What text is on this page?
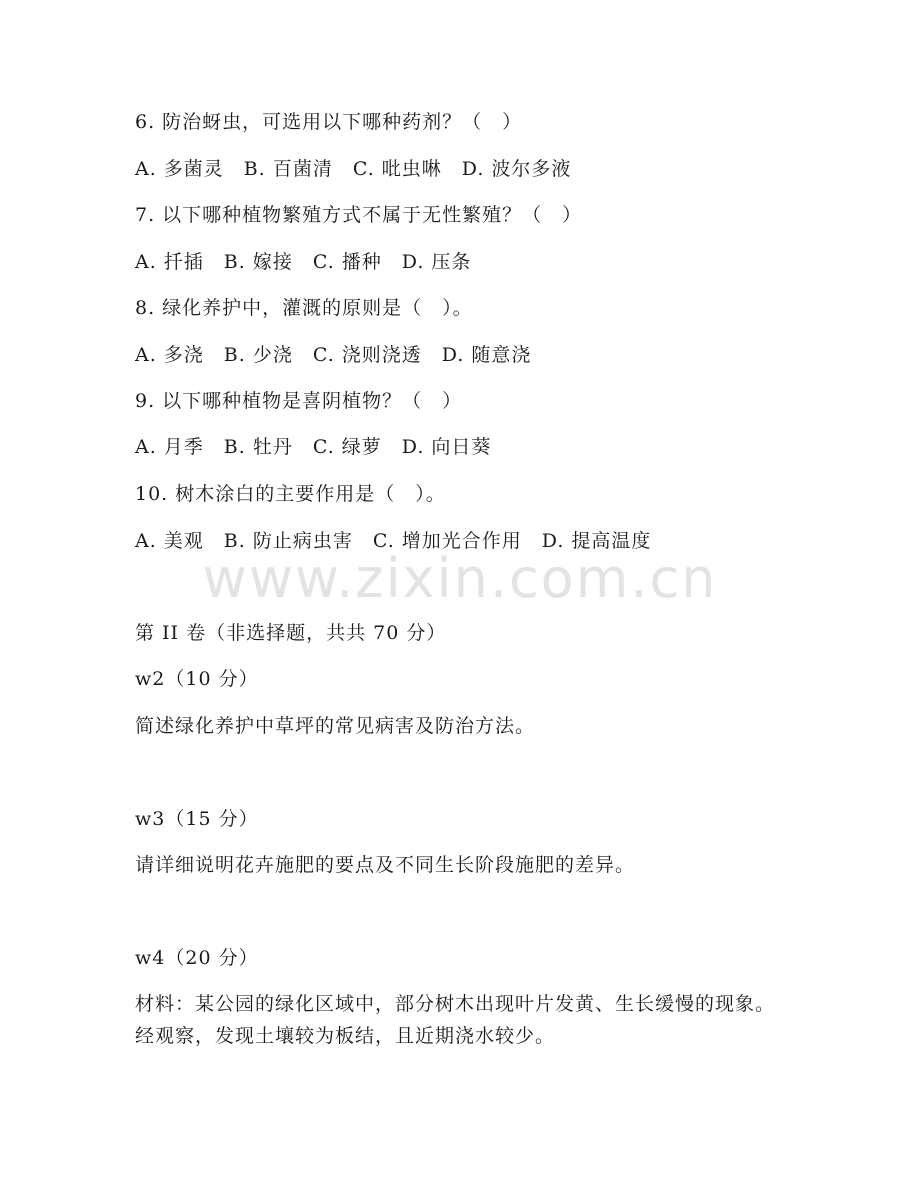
6. 防治蚜虫，可选用以下哪种药剂？（　）
A. 多菌灵　B. 百菌清　C. 吡虫啉　D. 波尔多液
7. 以下哪种植物繁殖方式不属于无性繁殖？（　）
A. 扦插　B. 嫁接　C. 播种　D. 压条
8. 绿化养护中，灌溉的原则是（　）。
A. 多浇　B. 少浇　C. 浇则浇透　D. 随意浇
9. 以下哪种植物是喜阴植物？（　）
A. 月季　B. 牡丹　C. 绿萝　D. 向日葵
10. 树木涂白的主要作用是（　）。
A. 美观　B. 防止病虫害　C. 增加光合作用　D. 提高温度
www.zixin.com.cn
第 II 卷（非选择题，共共 70 分）
w2（10 分）
简述绿化养护中草坪的常见病害及防治方法。
w3（15 分）
请详细说明花卉施肥的要点及不同生长阶段施肥的差异。
w4（20 分）
材料：某公园的绿化区域中，部分树木出现叶片发黄、生长缓慢的现象。经观察，发现土壤较为板结，且近期浇水较少。
